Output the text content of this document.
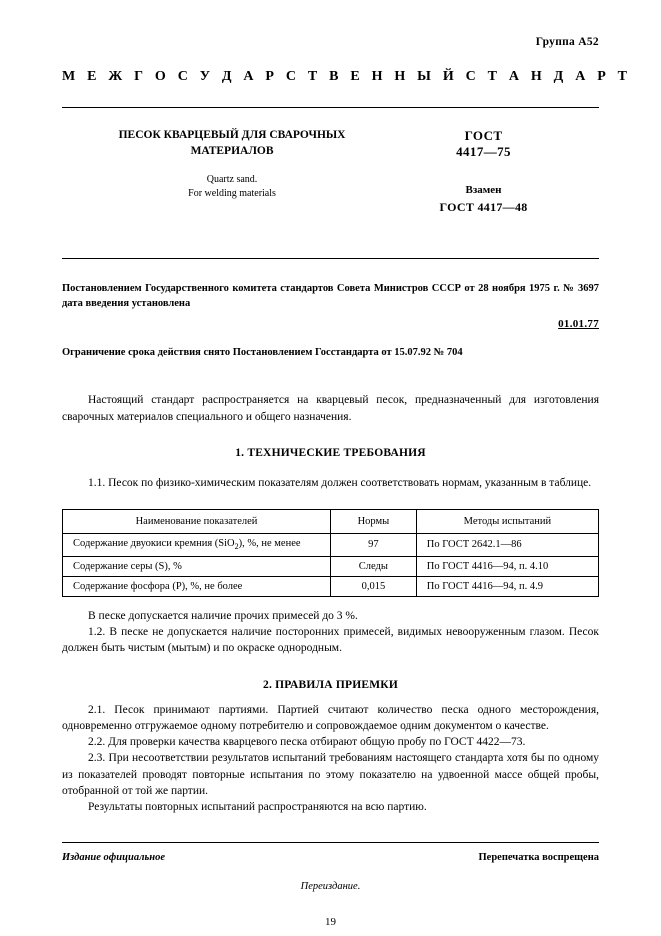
Группа А52
М Е Ж Г О С У Д А Р С Т В Е Н Н Ы Й С Т А Н Д А Р Т
ПЕСОК КВАРЦЕВЫЙ ДЛЯ СВАРОЧНЫХ МАТЕРИАЛОВ
Quartz sand.
For welding materials
ГОСТ
4417—75
Взамен
ГОСТ 4417—48
Постановлением Государственного комитета стандартов Совета Министров СССР от 28 ноября 1975 г. № 3697 дата введения установлена
01.01.77
Ограничение срока действия снято Постановлением Госстандарта от 15.07.92 № 704

Настоящий стандарт распространяется на кварцевый песок, предназначенный для изготовления сварочных материалов специального и общего назначения.

1. ТЕХНИЧЕСКИЕ ТРЕБОВАНИЯ

1.1. Песок по физико-химическим показателям должен соответствовать нормам, указанным в таблице.

Наименование показателей	Нормы	Методы испытаний
Содержание двуокиси кремния (SiO$_2$), %, не менее	97	По ГОСТ 2642.1—86
Содержание серы (S), %	Следы	По ГОСТ 4416—94, п. 4.10
Содержание фосфора (Р), %, не более	0,015	По ГОСТ 4416—94, п. 4.9

В песке допускается наличие прочих примесей до 3 %.

1.2. В песке не допускается наличие посторонних примесей, видимых невооруженным глазом. Песок должен быть чистым (мытым) и по окраске однородным.

2. ПРАВИЛА ПРИЕМКИ

2.1. Песок принимают партиями. Партией считают количество песка одного месторождения, одновременно отгружаемое одному потребителю и сопровождаемое одним документом о качестве.

2.2. Для проверки качества кварцевого песка отбирают общую пробу по ГОСТ 4422—73.

2.3. При несоответствии результатов испытаний требованиям настоящего стандарта хотя бы по одному из показателей проводят повторные испытания по этому показателю на удвоенной массе общей пробы, отобранной от той же партии.

Результаты повторных испытаний распространяются на всю партию.

Издание официальное	Перепечатка воспрещена
Переиздание.
19
